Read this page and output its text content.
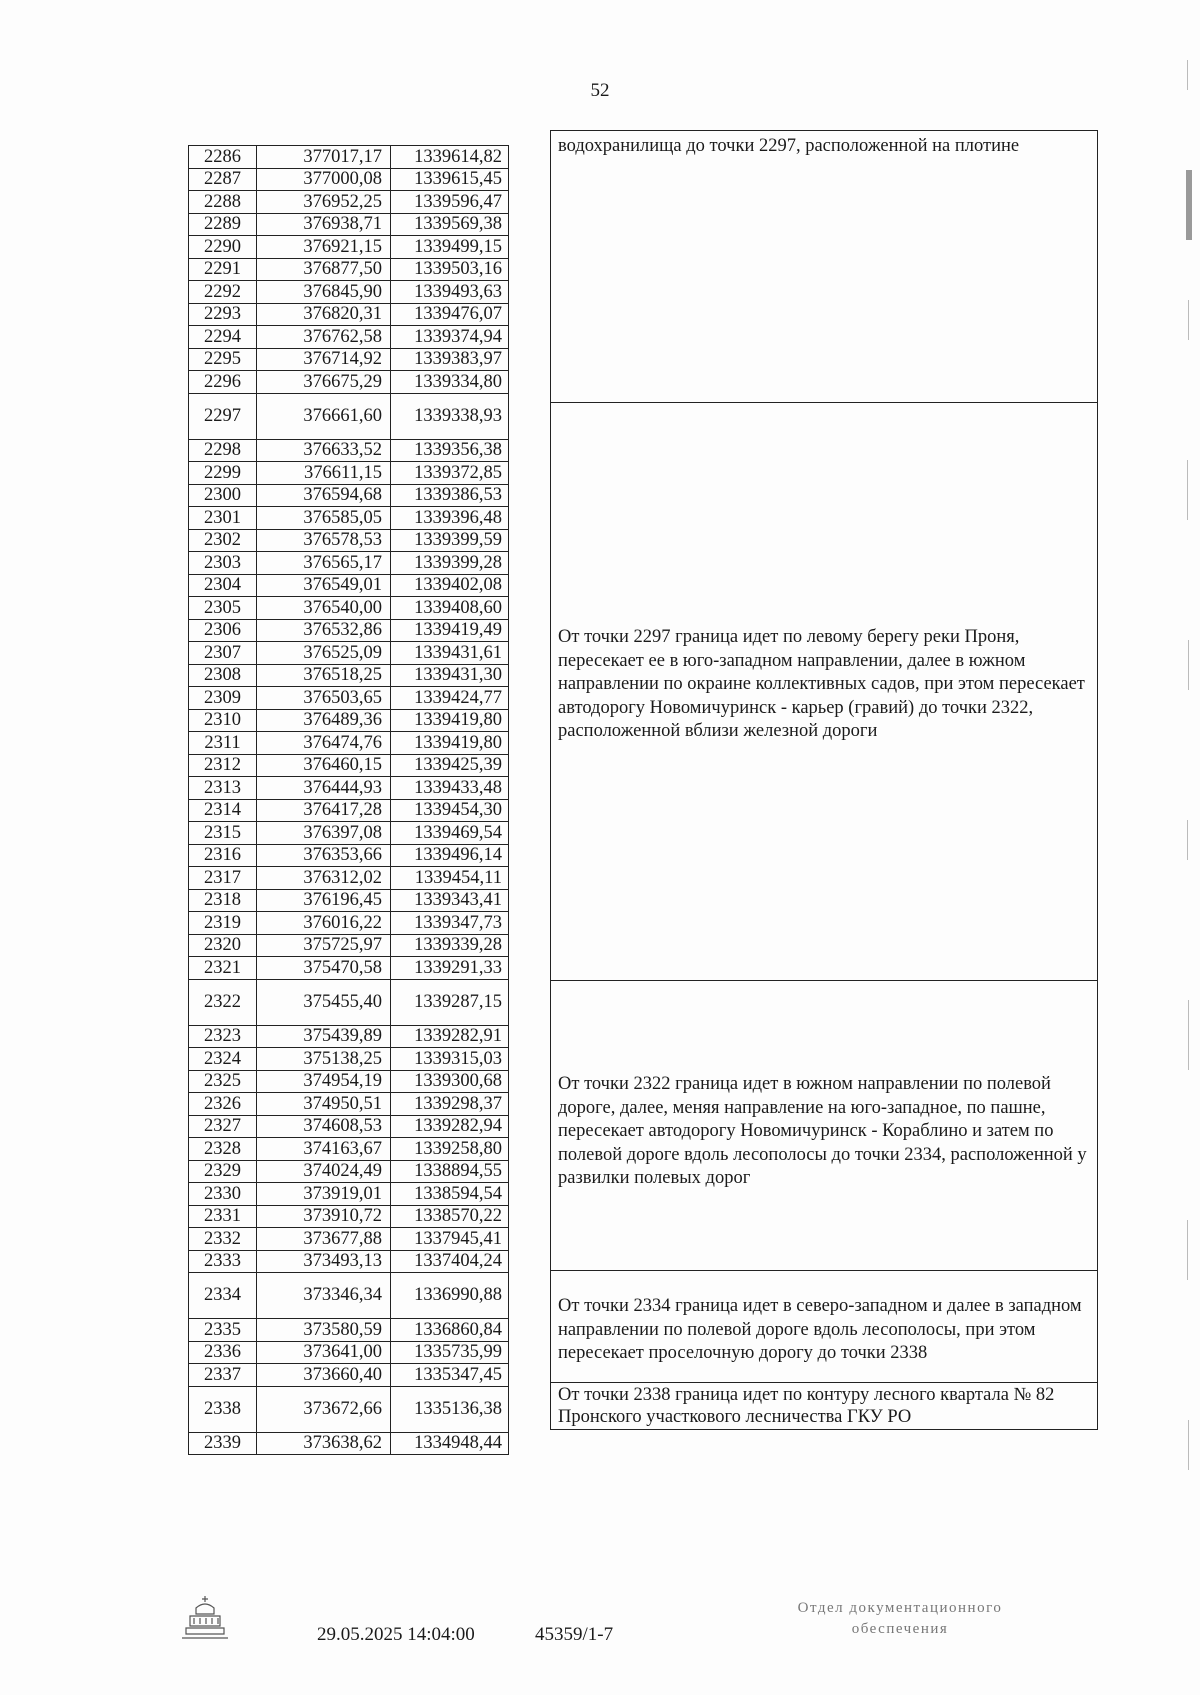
52
2286	377017,17	1339614,82
2287	377000,08	1339615,45
2288	376952,25	1339596,47
2289	376938,71	1339569,38
2290	376921,15	1339499,15
2291	376877,50	1339503,16
2292	376845,90	1339493,63
2293	376820,31	1339476,07
2294	376762,58	1339374,94
2295	376714,92	1339383,97
2296	376675,29	1339334,80
2297	376661,60	1339338,93
2298	376633,52	1339356,38
2299	376611,15	1339372,85
2300	376594,68	1339386,53
2301	376585,05	1339396,48
2302	376578,53	1339399,59
2303	376565,17	1339399,28
2304	376549,01	1339402,08
2305	376540,00	1339408,60
2306	376532,86	1339419,49
2307	376525,09	1339431,61
2308	376518,25	1339431,30
2309	376503,65	1339424,77
2310	376489,36	1339419,80
2311	376474,76	1339419,80
2312	376460,15	1339425,39
2313	376444,93	1339433,48
2314	376417,28	1339454,30
2315	376397,08	1339469,54
2316	376353,66	1339496,14
2317	376312,02	1339454,11
2318	376196,45	1339343,41
2319	376016,22	1339347,73
2320	375725,97	1339339,28
2321	375470,58	1339291,33
2322	375455,40	1339287,15
2323	375439,89	1339282,91
2324	375138,25	1339315,03
2325	374954,19	1339300,68
2326	374950,51	1339298,37
2327	374608,53	1339282,94
2328	374163,67	1339258,80
2329	374024,49	1338894,55
2330	373919,01	1338594,54
2331	373910,72	1338570,22
2332	373677,88	1337945,41
2333	373493,13	1337404,24
2334	373346,34	1336990,88
2335	373580,59	1336860,84
2336	373641,00	1335735,99
2337	373660,40	1335347,45
2338	373672,66	1335136,38
2339	373638,62	1334948,44

водохранилища до точки 2297, расположенной на плотине

От точки 2297 граница идет по левому берегу реки Проня, пересекает ее в юго-западном направлении, далее в южном направлении по окраине коллективных садов, при этом пересекает автодорогу Новомичуринск - карьер (гравий) до точки 2322, расположенной вблизи железной дороги

От точки 2322 граница идет в южном направлении по полевой дороге, далее, меняя направление на юго-западное, по пашне, пересекает автодорогу Новомичуринск - Кораблино и затем по полевой дороге вдоль лесополосы до точки 2334, расположенной у развилки полевых дорог

От точки 2334 граница идет в северо-западном и далее в западном направлении по полевой дороге вдоль лесополосы, при этом пересекает проселочную дорогу до точки 2338

От точки 2338 граница идет по контуру лесного квартала № 82 Пронского участкового лесничества ГКУ РО

29.05.2025 14:04:00	45359/1-7
Отдел документационного
обеспечения
